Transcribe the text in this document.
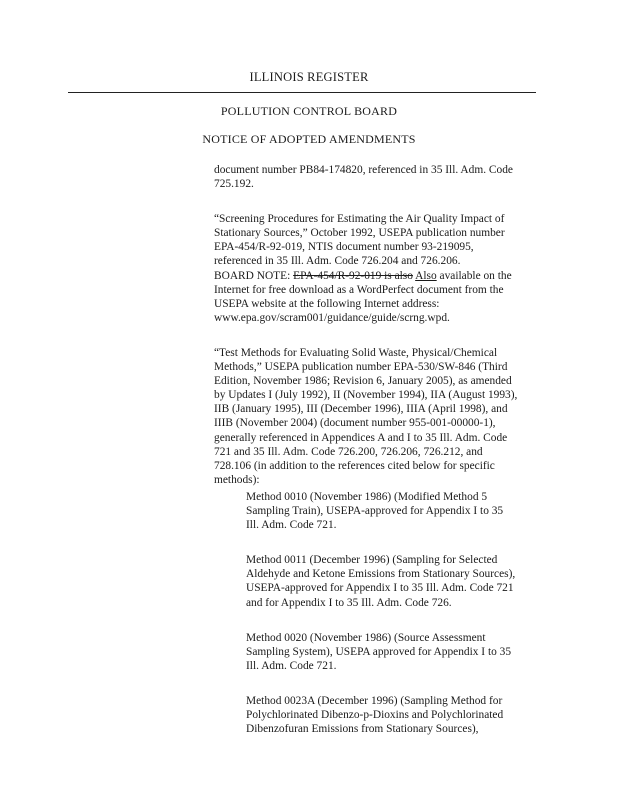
ILLINOIS REGISTER
POLLUTION CONTROL BOARD
NOTICE OF ADOPTED AMENDMENTS
document number PB84-174820, referenced in 35 Ill. Adm. Code
725.192.
“Screening Procedures for Estimating the Air Quality Impact of
Stationary Sources,” October 1992, USEPA publication number
EPA-454/R-92-019, NTIS document number 93-219095,
referenced in 35 Ill. Adm. Code 726.204 and 726.206.
BOARD NOTE: EPA-454/R-92-019 is also Also available on the
Internet for free download as a WordPerfect document from the
USEPA website at the following Internet address:
www.epa.gov/scram001/guidance/guide/scrng.wpd.
“Test Methods for Evaluating Solid Waste, Physical/Chemical
Methods,” USEPA publication number EPA-530/SW-846 (Third
Edition, November 1986; Revision 6, January 2005), as amended
by Updates I (July 1992), II (November 1994), IIA (August 1993),
IIB (January 1995), III (December 1996), IIIA (April 1998), and
IIIB (November 2004) (document number 955-001-00000-1),
generally referenced in Appendices A and I to 35 Ill. Adm. Code
721 and 35 Ill. Adm. Code 726.200, 726.206, 726.212, and
728.106 (in addition to the references cited below for specific
methods):
Method 0010 (November 1986) (Modified Method 5
Sampling Train), USEPA-approved for Appendix I to 35
Ill. Adm. Code 721.
Method 0011 (December 1996) (Sampling for Selected
Aldehyde and Ketone Emissions from Stationary Sources),
USEPA-approved for Appendix I to 35 Ill. Adm. Code 721
and for Appendix I to 35 Ill. Adm. Code 726.
Method 0020 (November 1986) (Source Assessment
Sampling System), USEPA approved for Appendix I to 35
Ill. Adm. Code 721.
Method 0023A (December 1996) (Sampling Method for
Polychlorinated Dibenzo-p-Dioxins and Polychlorinated
Dibenzofuran Emissions from Stationary Sources),
